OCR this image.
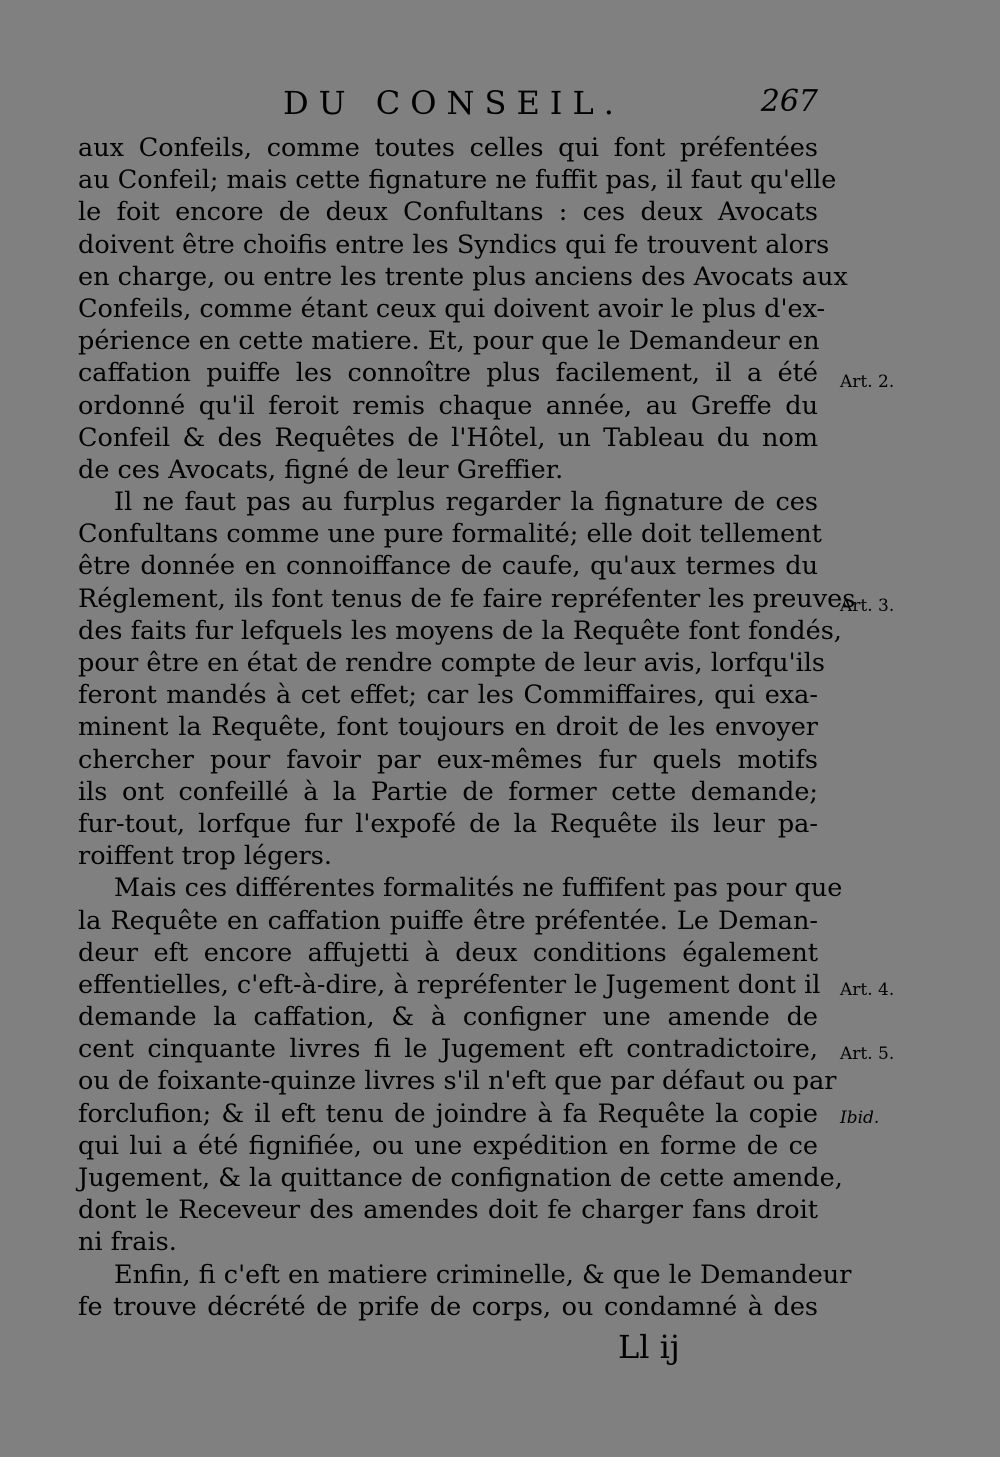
DU CONSEIL.	267
aux Confeils, comme toutes celles qui font préfentées
au Confeil; mais cette fignature ne fuffit pas, il faut qu'elle
le foit encore de deux Confultans : ces deux Avocats
doivent être choifis entre les Syndics qui fe trouvent alors
en charge, ou entre les trente plus anciens des Avocats aux
Confeils, comme étant ceux qui doivent avoir le plus d'ex-
périence en cette matiere. Et, pour que le Demandeur en
caffation puiffe les connoître plus facilement, il a été
ordonné qu'il feroit remis chaque année, au Greffe du
Confeil & des Requêtes de l'Hôtel, un Tableau du nom
de ces Avocats, figné de leur Greffier.
Il ne faut pas au furplus regarder la fignature de ces
Confultans comme une pure formalité; elle doit tellement
être donnée en connoiffance de caufe, qu'aux termes du
Réglement, ils font tenus de fe faire repréfenter les preuves
des faits fur lefquels les moyens de la Requête font fondés,
pour être en état de rendre compte de leur avis, lorfqu'ils
feront mandés à cet effet; car les Commiffaires, qui exa-
minent la Requête, font toujours en droit de les envoyer
chercher pour favoir par eux-mêmes fur quels motifs
ils ont confeillé à la Partie de former cette demande;
fur-tout, lorfque fur l'expofé de la Requête ils leur pa-
roiffent trop légers.
Mais ces différentes formalités ne fuffifent pas pour que
la Requête en caffation puiffe être préfentée. Le Deman-
deur eft encore affujetti à deux conditions également
effentielles, c'eft-à-dire, à repréfenter le Jugement dont il
demande la caffation, & à configner une amende de
cent cinquante livres fi le Jugement eft contradictoire,
ou de foixante-quinze livres s'il n'eft que par défaut ou par
forclufion; & il eft tenu de joindre à fa Requête la copie
qui lui a été fignifiée, ou une expédition en forme de ce
Jugement, & la quittance de confignation de cette amende,
dont le Receveur des amendes doit fe charger fans droit
ni frais.
Enfin, fi c'eft en matiere criminelle, & que le Demandeur
fe trouve décrété de prife de corps, ou condamné à des
Art. 2.
Art. 3.
Art. 4.
Art. 5.
Ibid.
Ll ij
